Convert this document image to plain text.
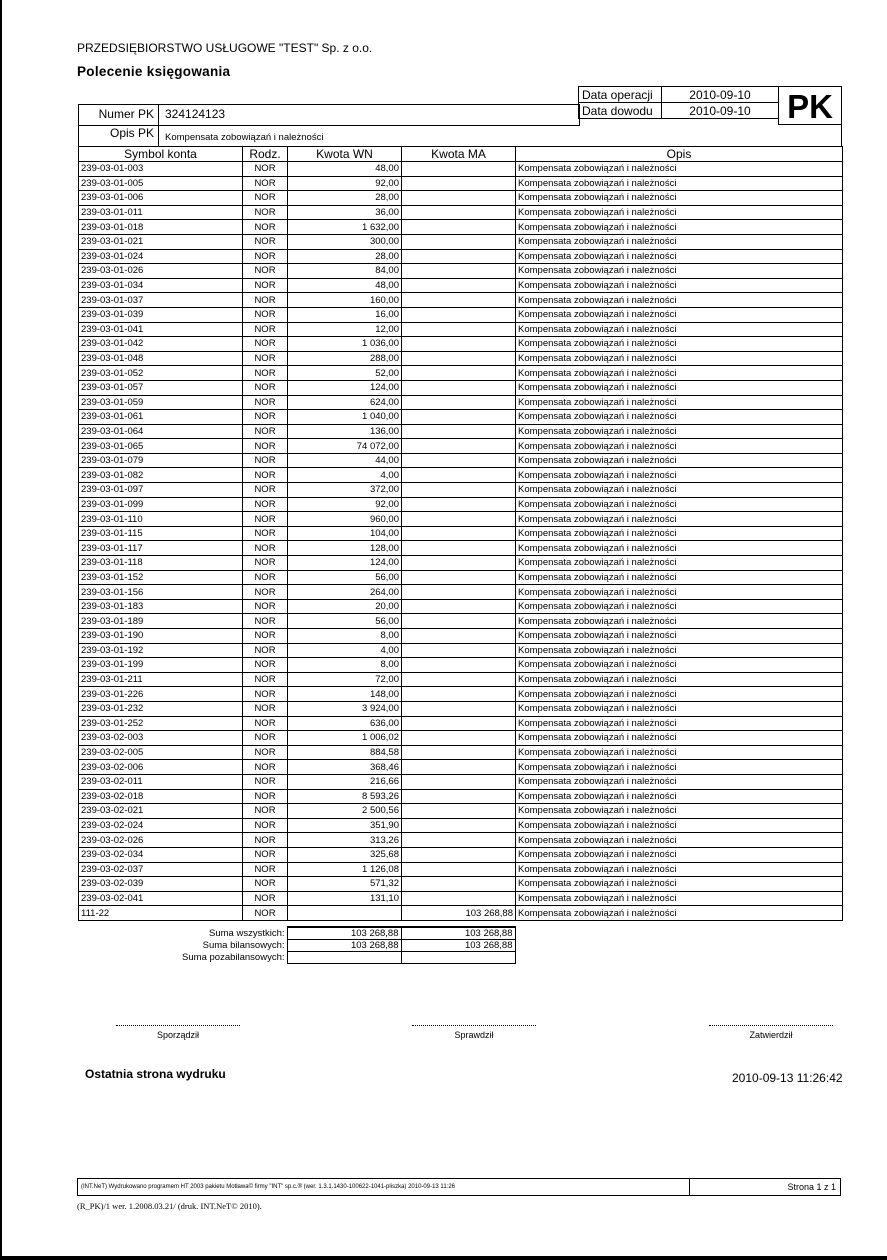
PRZEDSIĘBIORSTWO USŁUGOWE "TEST" Sp. z o.o.
Polecenie księgowania
Data operacji	2010-09-10
Data dowodu	2010-09-10 PK
Numer PK 324124123
Opis PK	Kompensata zobowiązań i należności
Symbol konta	Rodz.	Kwota WN	Kwota MA	Opis
239-03-01-003	NOR	48,00		Kompensata zobowiązań i należności
239-03-01-005	NOR	92,00		Kompensata zobowiązań i należności
239-03-01-006	NOR	28,00		Kompensata zobowiązań i należności
239-03-01-011	NOR	36,00		Kompensata zobowiązań i należności
239-03-01-018	NOR	1 632,00		Kompensata zobowiązań i należności
239-03-01-021	NOR	300,00		Kompensata zobowiązań i należności
239-03-01-024	NOR	28,00		Kompensata zobowiązań i należności
239-03-01-026	NOR	84,00		Kompensata zobowiązań i należności
239-03-01-034	NOR	48,00		Kompensata zobowiązań i należności
239-03-01-037	NOR	160,00		Kompensata zobowiązań i należności
239-03-01-039	NOR	16,00		Kompensata zobowiązań i należności
239-03-01-041	NOR	12,00		Kompensata zobowiązań i należności
239-03-01-042	NOR	1 036,00		Kompensata zobowiązań i należności
239-03-01-048	NOR	288,00		Kompensata zobowiązań i należności
239-03-01-052	NOR	52,00		Kompensata zobowiązań i należności
239-03-01-057	NOR	124,00		Kompensata zobowiązań i należności
239-03-01-059	NOR	624,00		Kompensata zobowiązań i należności
239-03-01-061	NOR	1 040,00		Kompensata zobowiązań i należności
239-03-01-064	NOR	136,00		Kompensata zobowiązań i należności
239-03-01-065	NOR	74 072,00		Kompensata zobowiązań i należności
239-03-01-079	NOR	44,00		Kompensata zobowiązań i należności
239-03-01-082	NOR	4,00		Kompensata zobowiązań i należności
239-03-01-097	NOR	372,00		Kompensata zobowiązań i należności
239-03-01-099	NOR	92,00		Kompensata zobowiązań i należności
239-03-01-110	NOR	960,00		Kompensata zobowiązań i należności
239-03-01-115	NOR	104,00		Kompensata zobowiązań i należności
239-03-01-117	NOR	128,00		Kompensata zobowiązań i należności
239-03-01-118	NOR	124,00		Kompensata zobowiązań i należności
239-03-01-152	NOR	56,00		Kompensata zobowiązań i należności
239-03-01-156	NOR	264,00		Kompensata zobowiązań i należności
239-03-01-183	NOR	20,00		Kompensata zobowiązań i należności
239-03-01-189	NOR	56,00		Kompensata zobowiązań i należności
239-03-01-190	NOR	8,00		Kompensata zobowiązań i należności
239-03-01-192	NOR	4,00		Kompensata zobowiązań i należności
239-03-01-199	NOR	8,00		Kompensata zobowiązań i należności
239-03-01-211	NOR	72,00		Kompensata zobowiązań i należności
239-03-01-226	NOR	148,00		Kompensata zobowiązań i należności
239-03-01-232	NOR	3 924,00		Kompensata zobowiązań i należności
239-03-01-252	NOR	636,00		Kompensata zobowiązań i należności
239-03-02-003	NOR	1 006,02		Kompensata zobowiązań i należności
239-03-02-005	NOR	884,58		Kompensata zobowiązań i należności
239-03-02-006	NOR	368,46		Kompensata zobowiązań i należności
239-03-02-011	NOR	216,66		Kompensata zobowiązań i należności
239-03-02-018	NOR	8 593,26		Kompensata zobowiązań i należności
239-03-02-021	NOR	2 500,56		Kompensata zobowiązań i należności
239-03-02-024	NOR	351,90		Kompensata zobowiązań i należności
239-03-02-026	NOR	313,26		Kompensata zobowiązań i należności
239-03-02-034	NOR	325,68		Kompensata zobowiązań i należności
239-03-02-037	NOR	1 126,08		Kompensata zobowiązań i należności
239-03-02-039	NOR	571,32		Kompensata zobowiązań i należności
239-03-02-041	NOR	131,10		Kompensata zobowiązań i należności
111-22	NOR		103 268,88	Kompensata zobowiązań i należności
Suma wszystkich:	103 268,88	103 268,88
Suma bilansowych:	103 268,88	103 268,88
Suma pozabilansowych:		
Sporządził	Sprawdził	Zatwierdził
Ostatnia strona wydruku	2010-09-13 11:26:42
(INT.NeT) Wydrukowano programem HT 2003 pakietu Motława© firmy "INT" sp.c.® (wer. 1.3.1.1430-100622-1041-pliszka) 2010-09-13 11:26	Strona 1 z 1
(R_PK)/1 wer. 1.2008.03.21/ (druk. INT.NeT© 2010).
